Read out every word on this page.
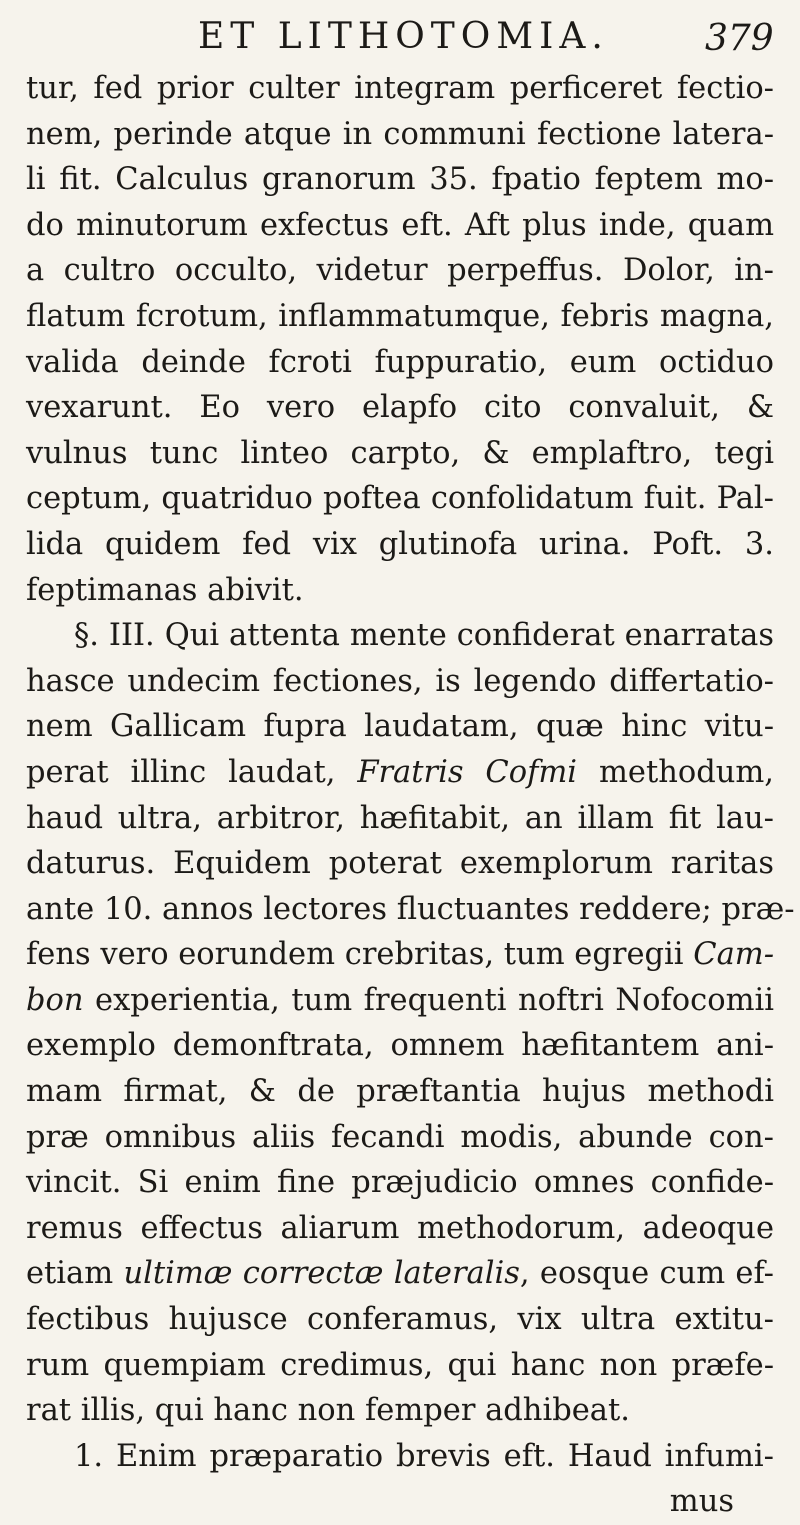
ET LITHOTOMIA.	379
tur, fed prior culter integram perficeret fectio-
nem, perinde atque in communi fectione latera-
li fit. Calculus granorum 35. fpatio feptem mo-
do minutorum exfectus eft. Aft plus inde, quam
a cultro occulto, videtur perpeffus. Dolor, in-
flatum fcrotum, inflammatumque, febris magna,
valida deinde fcroti fuppuratio, eum octiduo
vexarunt. Eo vero elapfo cito convaluit, &
vulnus tunc linteo carpto, & emplaftro, tegi
ceptum, quatriduo poftea confolidatum fuit. Pal-
lida quidem fed vix glutinofa urina. Poft. 3.
feptimanas abivit.
§. III. Qui attenta mente confiderat enarratas
hasce undecim fectiones, is legendo differtatio-
nem Gallicam fupra laudatam, quæ hinc vitu-
perat illinc laudat, Fratris Cofmi methodum,
haud ultra, arbitror, hæfitabit, an illam fit lau-
daturus. Equidem poterat exemplorum raritas
ante 10. annos lectores fluctuantes reddere; præ-
fens vero eorundem crebritas, tum egregii Cam-
bon experientia, tum frequenti noftri Nofocomii
exemplo demonftrata, omnem hæfitantem ani-
mam firmat, & de præftantia hujus methodi
præ omnibus aliis fecandi modis, abunde con-
vincit. Si enim fine præjudicio omnes confide-
remus effectus aliarum methodorum, adeoque
etiam ultimæ correctæ lateralis, eosque cum ef-
fectibus hujusce conferamus, vix ultra extitu-
rum quempiam credimus, qui hanc non præfe-
rat illis, qui hanc non femper adhibeat.
1. Enim præparatio brevis eft. Haud infumi-
mus
